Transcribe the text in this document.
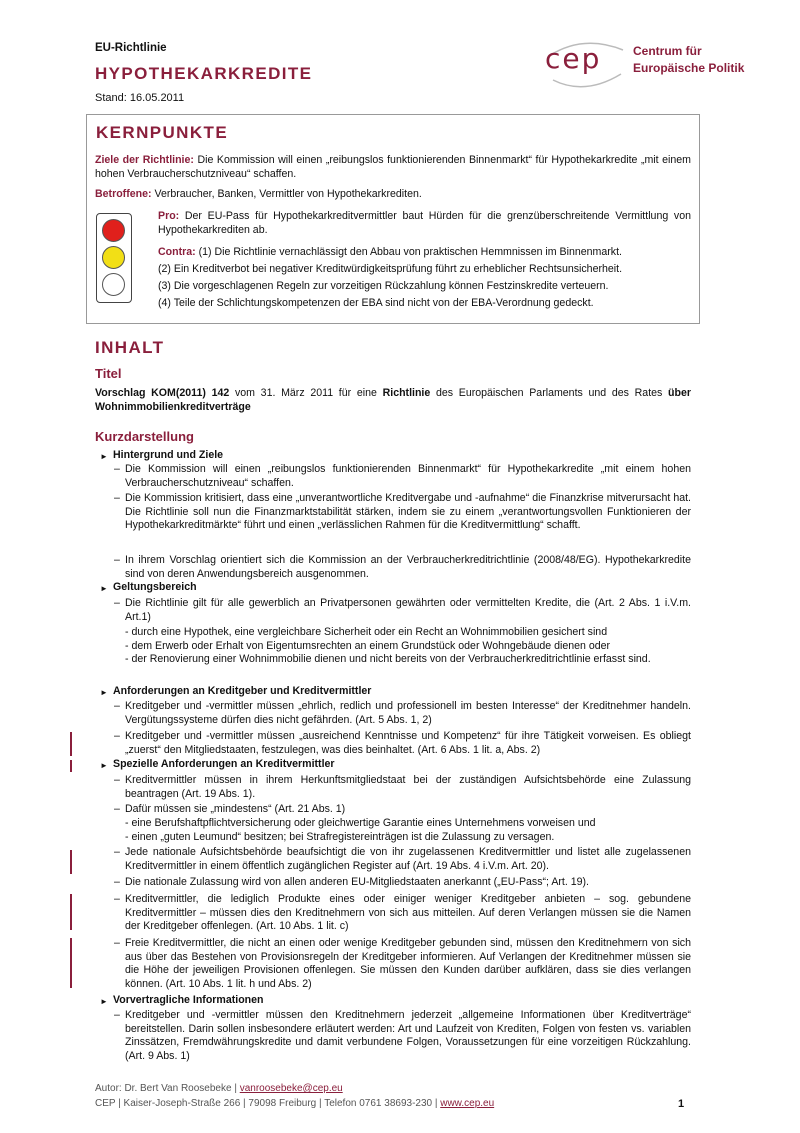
EU-Richtlinie
HYPOTHEKARKREDITE
Stand: 16.05.2011
cep	Centrum für
Europäische Politik
KERNPUNKTE
Ziele der Richtlinie: Die Kommission will einen „reibungslos funktionierenden Binnenmarkt“ für Hypothekarkredite „mit einem hohen Verbraucherschutzniveau“ schaffen.
Betroffene: Verbraucher, Banken, Vermittler von Hypothekarkrediten.
Pro: Der EU-Pass für Hypothekarkreditvermittler baut Hürden für die grenzüberschreitende Vermittlung von Hypothekarkrediten ab.
Contra: (1) Die Richtlinie vernachlässigt den Abbau von praktischen Hemmnissen im Binnenmarkt.
(2) Ein Kreditverbot bei negativer Kreditwürdigkeitsprüfung führt zu erheblicher Rechtsunsicherheit.
(3) Die vorgeschlagenen Regeln zur vorzeitigen Rückzahlung können Festzinskredite verteuern.
(4) Teile der Schlichtungskompetenzen der EBA sind nicht von der EBA-Verordnung gedeckt.
INHALT
Titel
Vorschlag KOM(2011) 142 vom 31. März 2011 für eine Richtlinie des Europäischen Parlaments und des Rates über Wohnimmobilienkreditverträge
Kurzdarstellung
► Hintergrund und Ziele
– Die Kommission will einen „reibungslos funktionierenden Binnenmarkt“ für Hypothekarkredite „mit einem hohen Verbraucherschutzniveau“ schaffen.
– Die Kommission kritisiert, dass eine „unverantwortliche Kreditvergabe und -aufnahme“ die Finanzkrise mitverursacht hat. Die Richtlinie soll nun die Finanzmarktstabilität stärken, indem sie zu einem „verantwortungsvollen Funktionieren der Hypothekarkreditmärkte“ führt und einen „verlässlichen Rahmen für die Kreditvermittlung“ schafft.
– In ihrem Vorschlag orientiert sich die Kommission an der Verbraucherkreditrichtlinie (2008/48/EG). Hypothekarkredite sind von deren Anwendungsbereich ausgenommen.
► Geltungsbereich
– Die Richtlinie gilt für alle gewerblich an Privatpersonen gewährten oder vermittelten Kredite, die (Art. 2 Abs. 1 i.V.m. Art.1)
- durch eine Hypothek, eine vergleichbare Sicherheit oder ein Recht an Wohnimmobilien gesichert sind
- dem Erwerb oder Erhalt von Eigentumsrechten an einem Grundstück oder Wohngebäude dienen oder
- der Renovierung einer Wohnimmobilie dienen und nicht bereits von der Verbraucherkreditrichtlinie erfasst sind.
► Anforderungen an Kreditgeber und Kreditvermittler
– Kreditgeber und -vermittler müssen „ehrlich, redlich und professionell im besten Interesse“ der Kreditnehmer handeln. Vergütungssysteme dürfen dies nicht gefährden. (Art. 5 Abs. 1, 2)
– Kreditgeber und -vermittler müssen „ausreichend Kenntnisse und Kompetenz“ für ihre Tätigkeit vorweisen. Es obliegt „zuerst“ den Mitgliedstaaten, festzulegen, was dies beinhaltet. (Art. 6 Abs. 1 lit. a, Abs. 2)
► Spezielle Anforderungen an Kreditvermittler
– Kreditvermittler müssen in ihrem Herkunftsmitgliedstaat bei der zuständigen Aufsichtsbehörde eine Zulassung beantragen (Art. 19 Abs. 1).
– Dafür müssen sie „mindestens“ (Art. 21 Abs. 1)
- eine Berufshaftpflichtversicherung oder gleichwertige Garantie eines Unternehmens vorweisen und
- einen „guten Leumund“ besitzen; bei Strafregistereinträgen ist die Zulassung zu versagen.
– Jede nationale Aufsichtsbehörde beaufsichtigt die von ihr zugelassenen Kreditvermittler und listet alle zugelassenen Kreditvermittler in einem öffentlich zugänglichen Register auf (Art. 19 Abs. 4 i.V.m. Art. 20).
– Die nationale Zulassung wird von allen anderen EU-Mitgliedstaaten anerkannt („EU-Pass“; Art. 19).
– Kreditvermittler, die lediglich Produkte eines oder einiger weniger Kreditgeber anbieten – sog. gebundene Kreditvermittler – müssen dies den Kreditnehmern von sich aus mitteilen. Auf deren Verlangen müssen sie die Namen der Kreditgeber offenlegen. (Art. 10 Abs. 1 lit. c)
– Freie Kreditvermittler, die nicht an einen oder wenige Kreditgeber gebunden sind, müssen den Kreditnehmern von sich aus über das Bestehen von Provisionsregeln der Kreditgeber informieren. Auf Verlangen der Kreditnehmer müssen sie die Höhe der jeweiligen Provisionen offenlegen. Sie müssen den Kunden darüber aufklären, dass sie dies verlangen können. (Art. 10 Abs. 1 lit. h und Abs. 2)
► Vorvertragliche Informationen
– Kreditgeber und -vermittler müssen den Kreditnehmern jederzeit „allgemeine Informationen über Kreditverträge“ bereitstellen. Darin sollen insbesondere erläutert werden: Art und Laufzeit von Krediten, Folgen von festen vs. variablen Zinssätzen, Fremdwährungskredite und damit verbundene Folgen, Voraussetzungen für eine vorzeitigen Rückzahlung. (Art. 9 Abs. 1)
Autor: Dr. Bert Van Roosebeke | vanroosebeke@cep.eu
CEP | Kaiser-Joseph-Straße 266 | 79098 Freiburg | Telefon 0761 38693-230 | www.cep.eu	1
